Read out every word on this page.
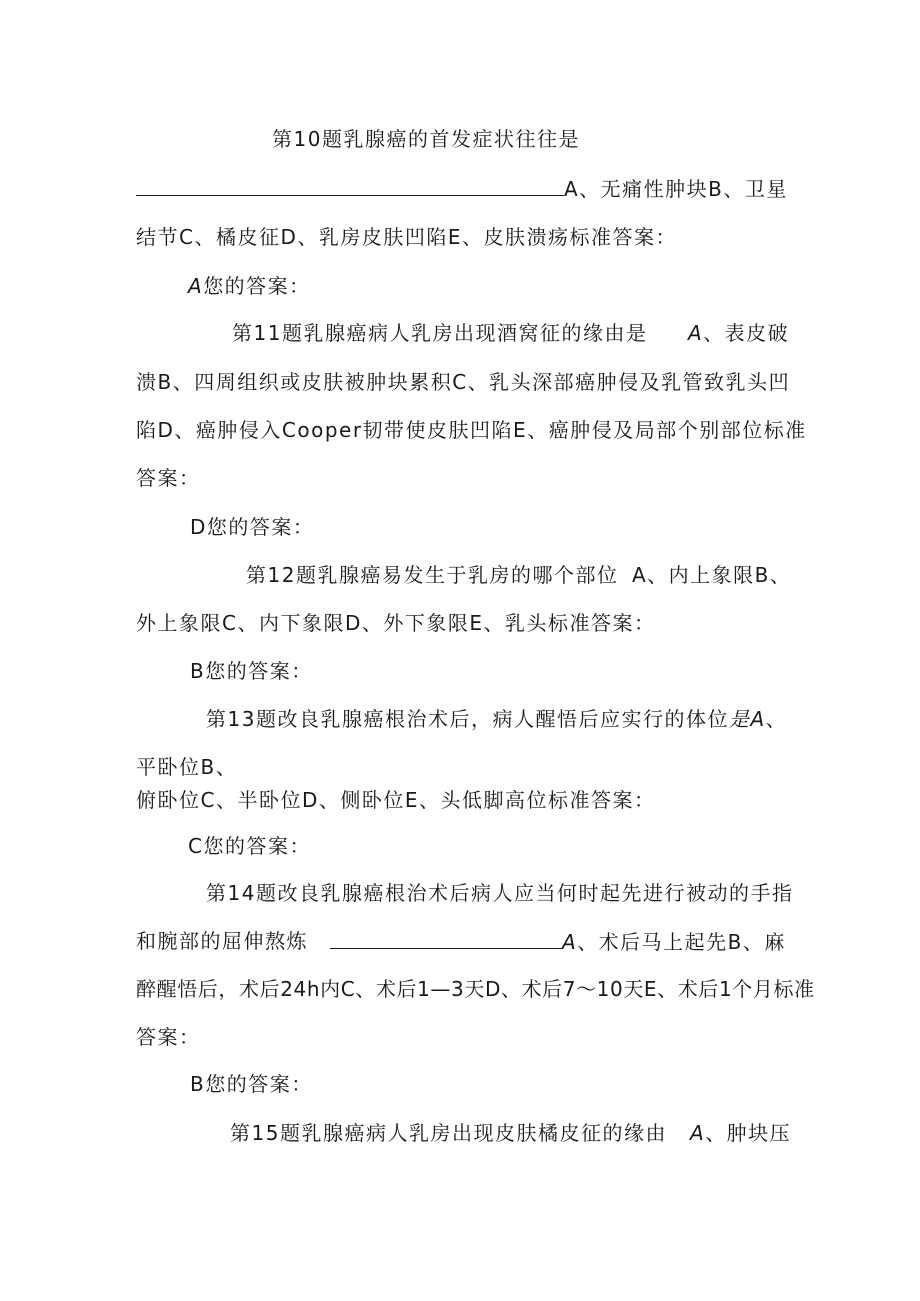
第10题乳腺癌的首发症状往往是
A、无痛性肿块B、卫星
结节C、橘皮征D、乳房皮肤凹陷E、皮肤溃疡标准答案：
A您的答案：
第11题乳腺癌病人乳房出现酒窝征的缘由是 A、表皮破
溃B、四周组织或皮肤被肿块累积C、乳头深部癌肿侵及乳管致乳头凹
陷D、癌肿侵入Cooper韧带使皮肤凹陷E、癌肿侵及局部个别部位标准
答案：
D您的答案：
第12题乳腺癌易发生于乳房的哪个部位 A、内上象限B、
外上象限C、内下象限D、外下象限E、乳头标准答案：
B您的答案：
第13题改良乳腺癌根治术后，病人醒悟后应实行的体位是A、
平卧位B、
俯卧位C、半卧位D、侧卧位E、头低脚高位标准答案：
C您的答案：
第14题改良乳腺癌根治术后病人应当何时起先进行被动的手指
和腕部的屈伸熬炼	A、术后马上起先B、麻
醉醒悟后，术后24h内C、术后1—3天D、术后7～10天E、术后1个月标准
答案：
B您的答案：
第15题乳腺癌病人乳房出现皮肤橘皮征的缘由 A、肿块压
